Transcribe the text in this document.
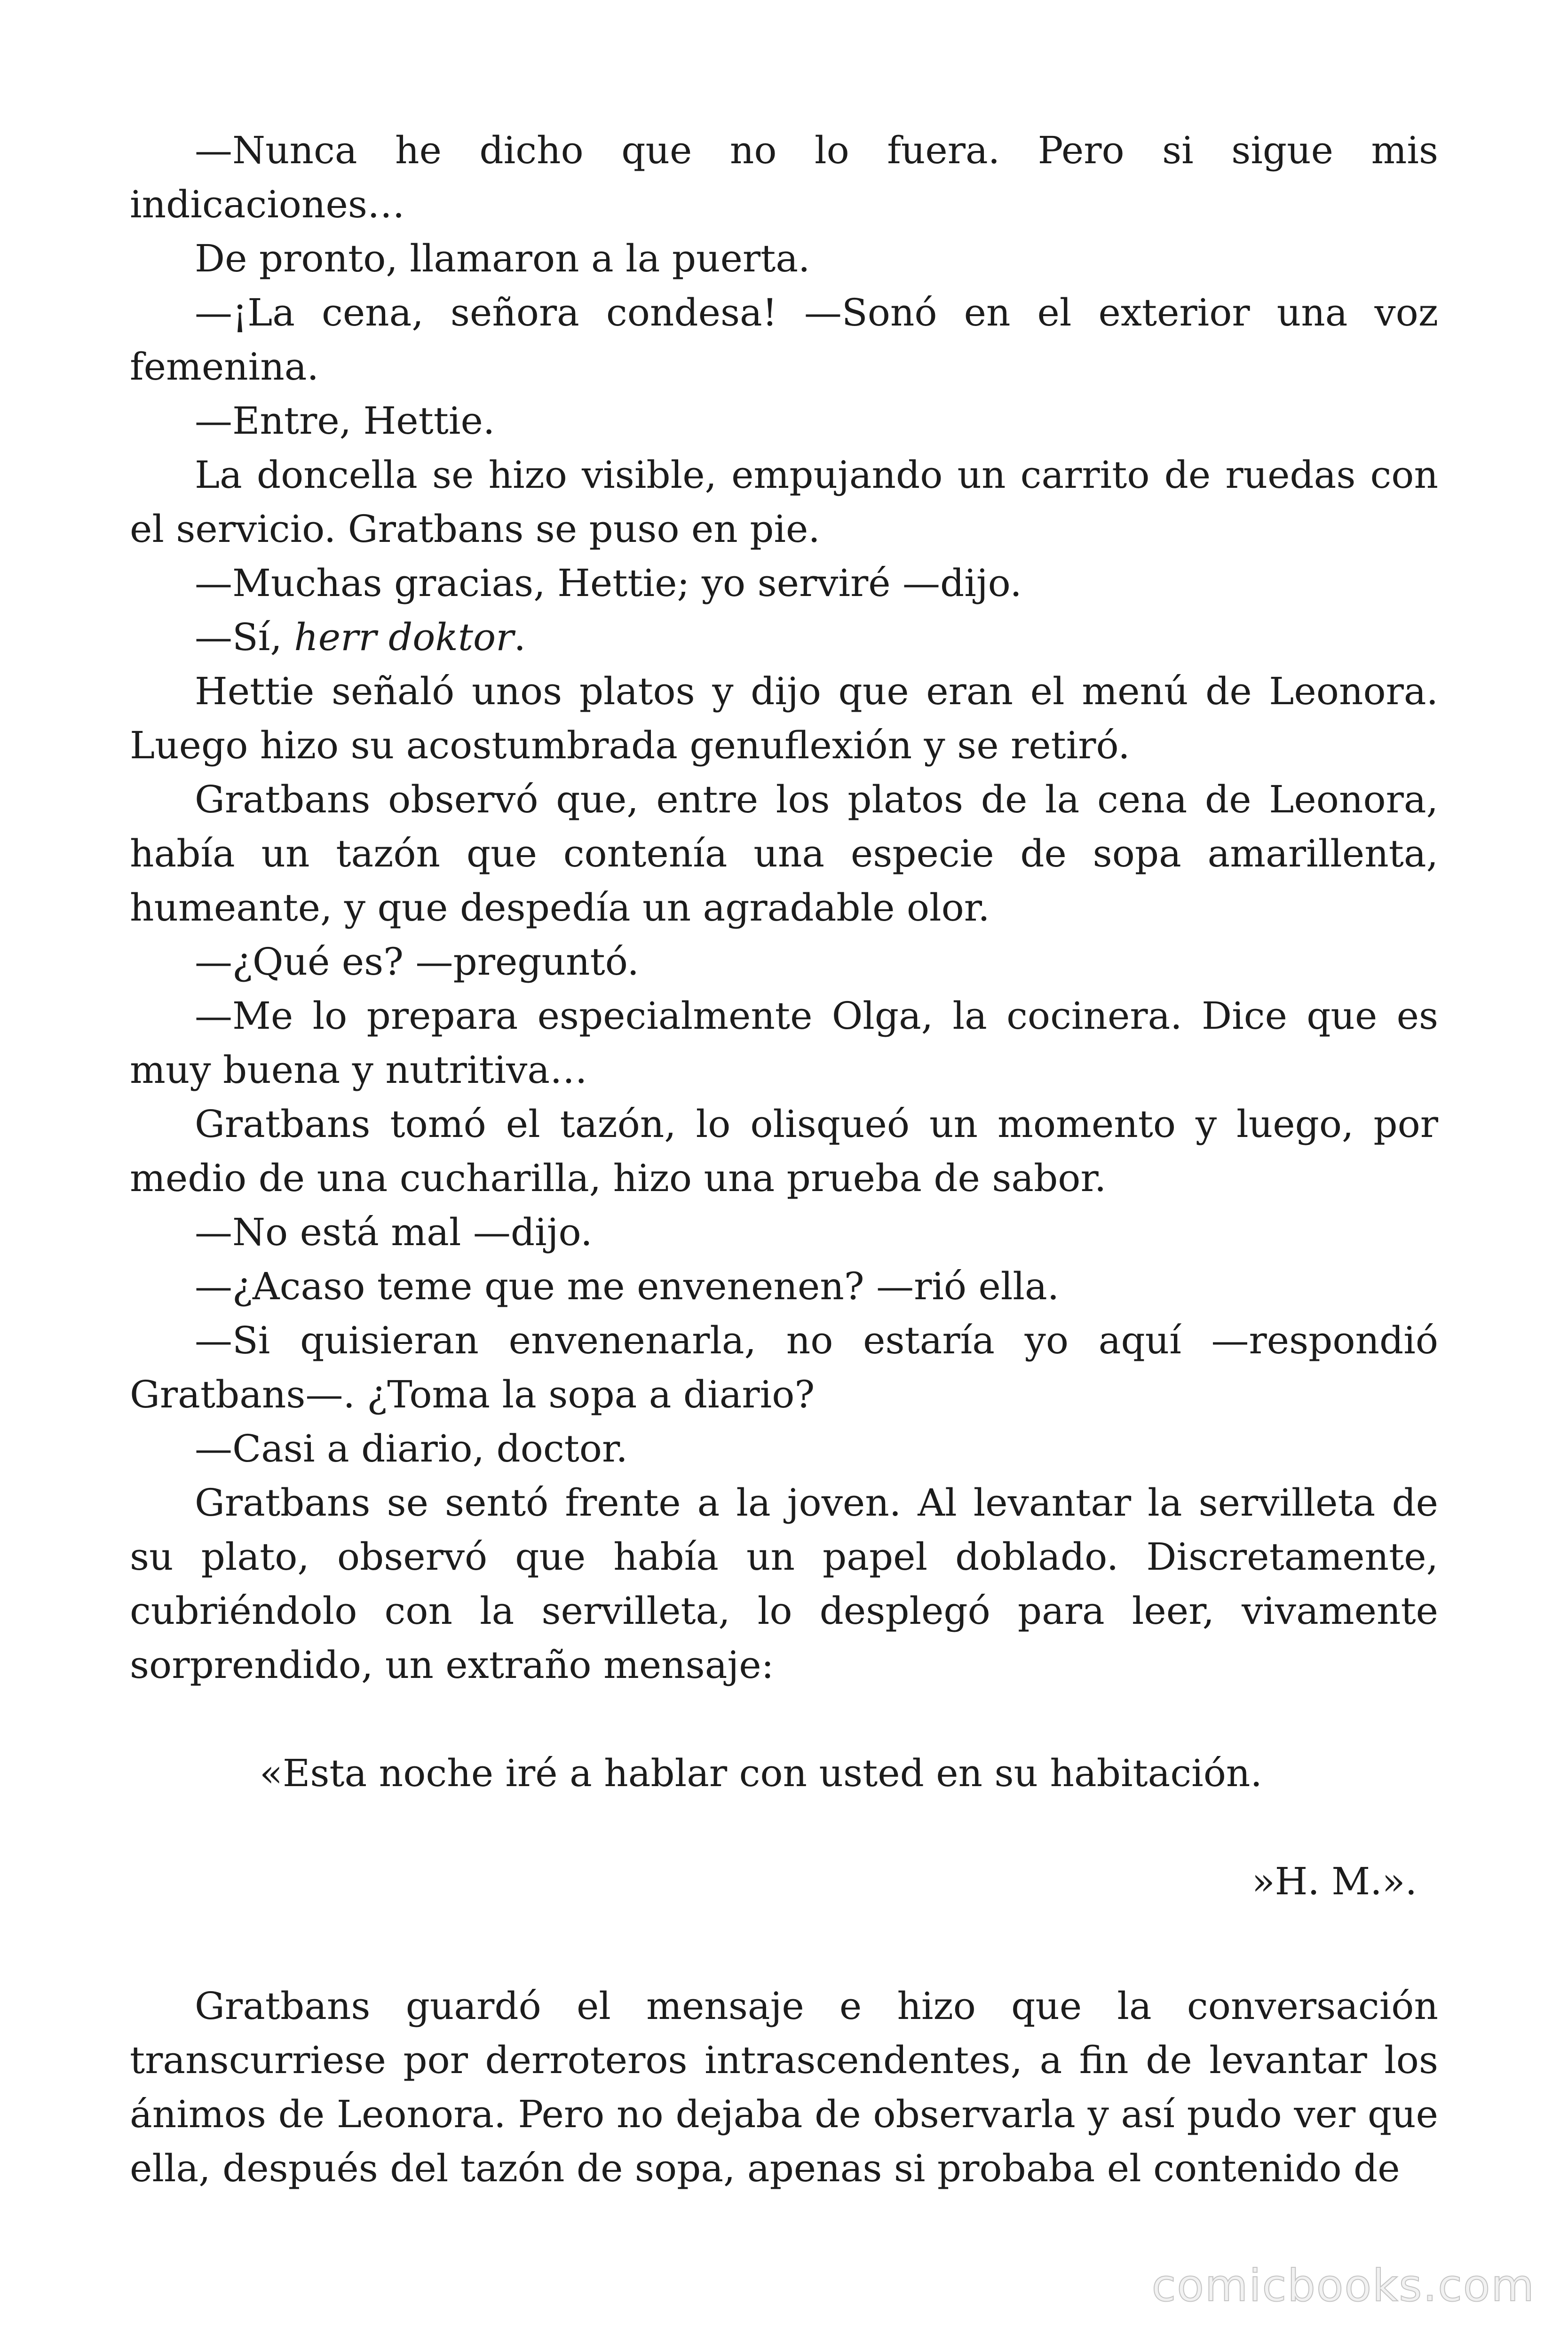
—Nunca he dicho que no lo fuera. Pero si sigue mis indicaciones…

De pronto, llamaron a la puerta.

—¡La cena, señora condesa! —Sonó en el exterior una voz femenina.

—Entre, Hettie.

La doncella se hizo visible, empujando un carrito de ruedas con el servicio. Gratbans se puso en pie.

—Muchas gracias, Hettie; yo serviré —dijo.

—Sí, herr doktor.

Hettie señaló unos platos y dijo que eran el menú de Leonora. Luego hizo su acostumbrada genuflexión y se retiró.

Gratbans observó que, entre los platos de la cena de Leonora, había un tazón que contenía una especie de sopa amarillenta, humeante, y que despedía un agradable olor.

—¿Qué es? —preguntó.

—Me lo prepara especialmente Olga, la cocinera. Dice que es muy buena y nutritiva…

Gratbans tomó el tazón, lo olisqueó un momento y luego, por medio de una cucharilla, hizo una prueba de sabor.

—No está mal —dijo.

—¿Acaso teme que me envenenen? —rió ella.

—Si quisieran envenenarla, no estaría yo aquí —respondió Gratbans—. ¿Toma la sopa a diario?

—Casi a diario, doctor.

Gratbans se sentó frente a la joven. Al levantar la servilleta de su plato, observó que había un papel doblado. Discretamente, cubriéndolo con la servilleta, lo desplegó para leer, vivamente sorprendido, un extraño mensaje:

«Esta noche iré a hablar con usted en su habitación.

»H. M.».

Gratbans guardó el mensaje e hizo que la conversación transcurriese por derroteros intrascendentes, a fin de levantar los ánimos de Leonora. Pero no dejaba de observarla y así pudo ver que ella, después del tazón de sopa, apenas si probaba el contenido de

comicbooks.com
